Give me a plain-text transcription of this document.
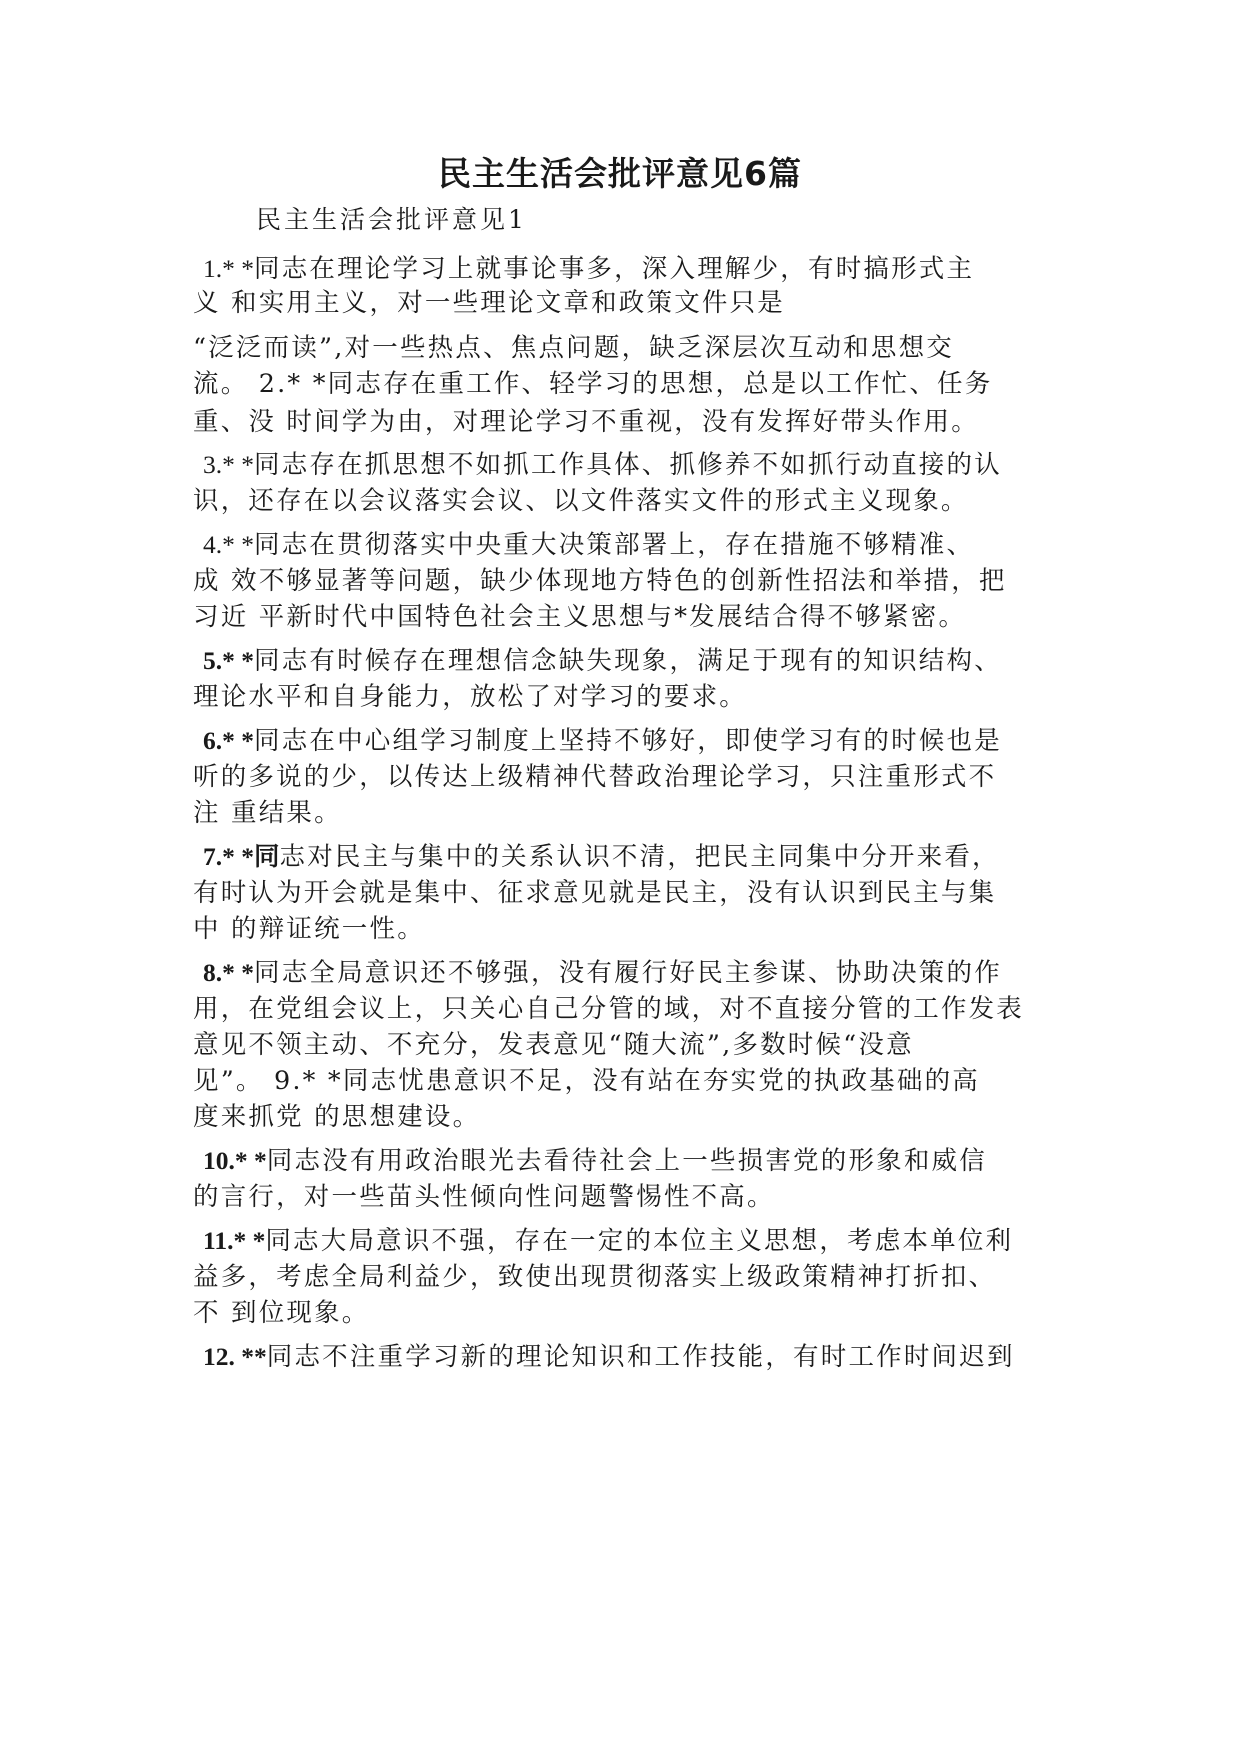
民主生活会批评意见6篇
民主生活会批评意见1
1.* *同志在理论学习上就事论事多，深入理解少，有时搞形式主
义 和实用主义，对一些理论文章和政策文件只是
“泛泛而读”,对一些热点、焦点问题，缺乏深层次互动和思想交
流。 2.* *同志存在重工作、轻学习的思想，总是以工作忙、任务
重、没 时间学为由，对理论学习不重视，没有发挥好带头作用。
3.* *同志存在抓思想不如抓工作具体、抓修养不如抓行动直接的认
识，还存在以会议落实会议、以文件落实文件的形式主义现象。
4.* *同志在贯彻落实中央重大决策部署上，存在措施不够精准、
成 效不够显著等问题，缺少体现地方特色的创新性招法和举措，把
习近 平新时代中国特色社会主义思想与*发展结合得不够紧密。
5.* *同志有时候存在理想信念缺失现象，满足于现有的知识结构、
理论水平和自身能力，放松了对学习的要求。
6.* *同志在中心组学习制度上坚持不够好，即使学习有的时候也是
听的多说的少，以传达上级精神代替政治理论学习，只注重形式不
注 重结果。
7.* *同志对民主与集中的关系认识不清，把民主同集中分开来看，
有时认为开会就是集中、征求意见就是民主，没有认识到民主与集
中 的辩证统一性。
8.* *同志全局意识还不够强，没有履行好民主参谋、协助决策的作
用，在党组会议上，只关心自己分管的域，对不直接分管的工作发表
意见不领主动、不充分，发表意见“随大流”,多数时候“没意
见”。 9.* *同志忧患意识不足，没有站在夯实党的执政基础的高
度来抓党 的思想建设。
10.* *同志没有用政治眼光去看待社会上一些损害党的形象和威信
的言行，对一些苗头性倾向性问题警惕性不高。
11.* *同志大局意识不强，存在一定的本位主义思想，考虑本单位利
益多，考虑全局利益少，致使出现贯彻落实上级政策精神打折扣、
不 到位现象。
12. **同志不注重学习新的理论知识和工作技能，有时工作时间迟到
